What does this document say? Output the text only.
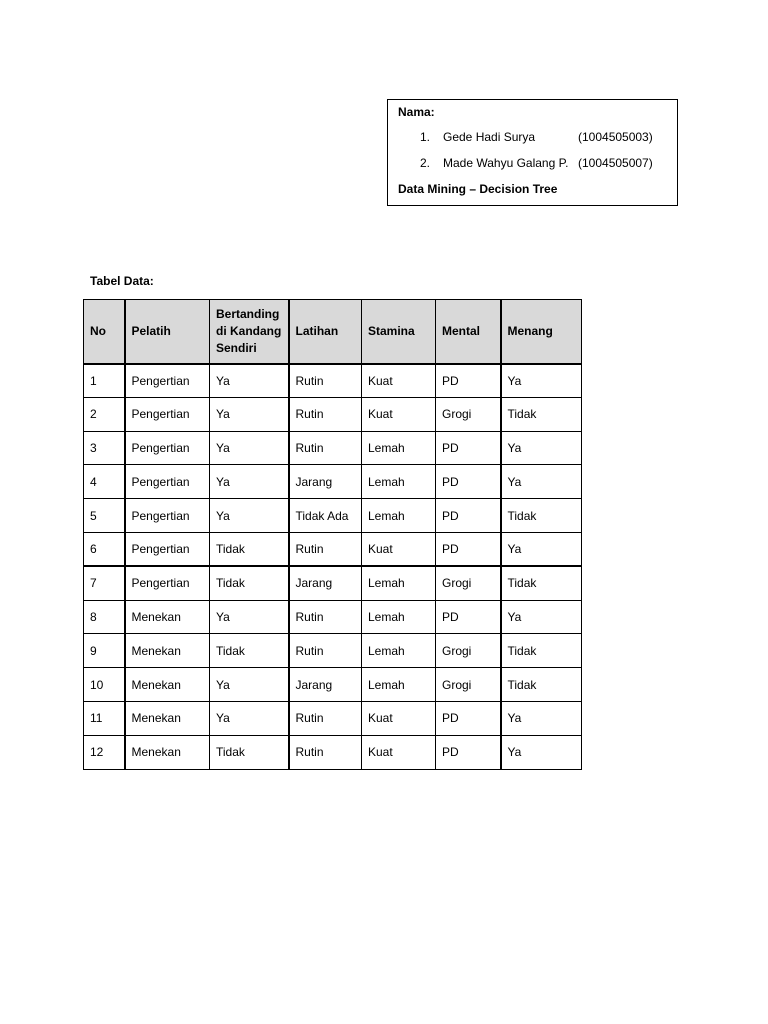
Nama:
1. Gede Hadi Surya	(1004505003)
2. Made Wahyu Galang P. (1004505007)
Data Mining – Decision Tree
Tabel Data:
No	Pelatih	Bertanding di Kandang Sendiri	Latihan	Stamina	Mental	Menang
1	Pengertian	Ya	Rutin	Kuat	PD	Ya
2	Pengertian	Ya	Rutin	Kuat	Grogi	Tidak
3	Pengertian	Ya	Rutin	Lemah	PD	Ya
4	Pengertian	Ya	Jarang	Lemah	PD	Ya
5	Pengertian	Ya	Tidak Ada	Lemah	PD	Tidak
6	Pengertian	Tidak	Rutin	Kuat	PD	Ya
7	Pengertian	Tidak	Jarang	Lemah	Grogi	Tidak
8	Menekan	Ya	Rutin	Lemah	PD	Ya
9	Menekan	Tidak	Rutin	Lemah	Grogi	Tidak
10	Menekan	Ya	Jarang	Lemah	Grogi	Tidak
11	Menekan	Ya	Rutin	Kuat	PD	Ya
12	Menekan	Tidak	Rutin	Kuat	PD	Ya
